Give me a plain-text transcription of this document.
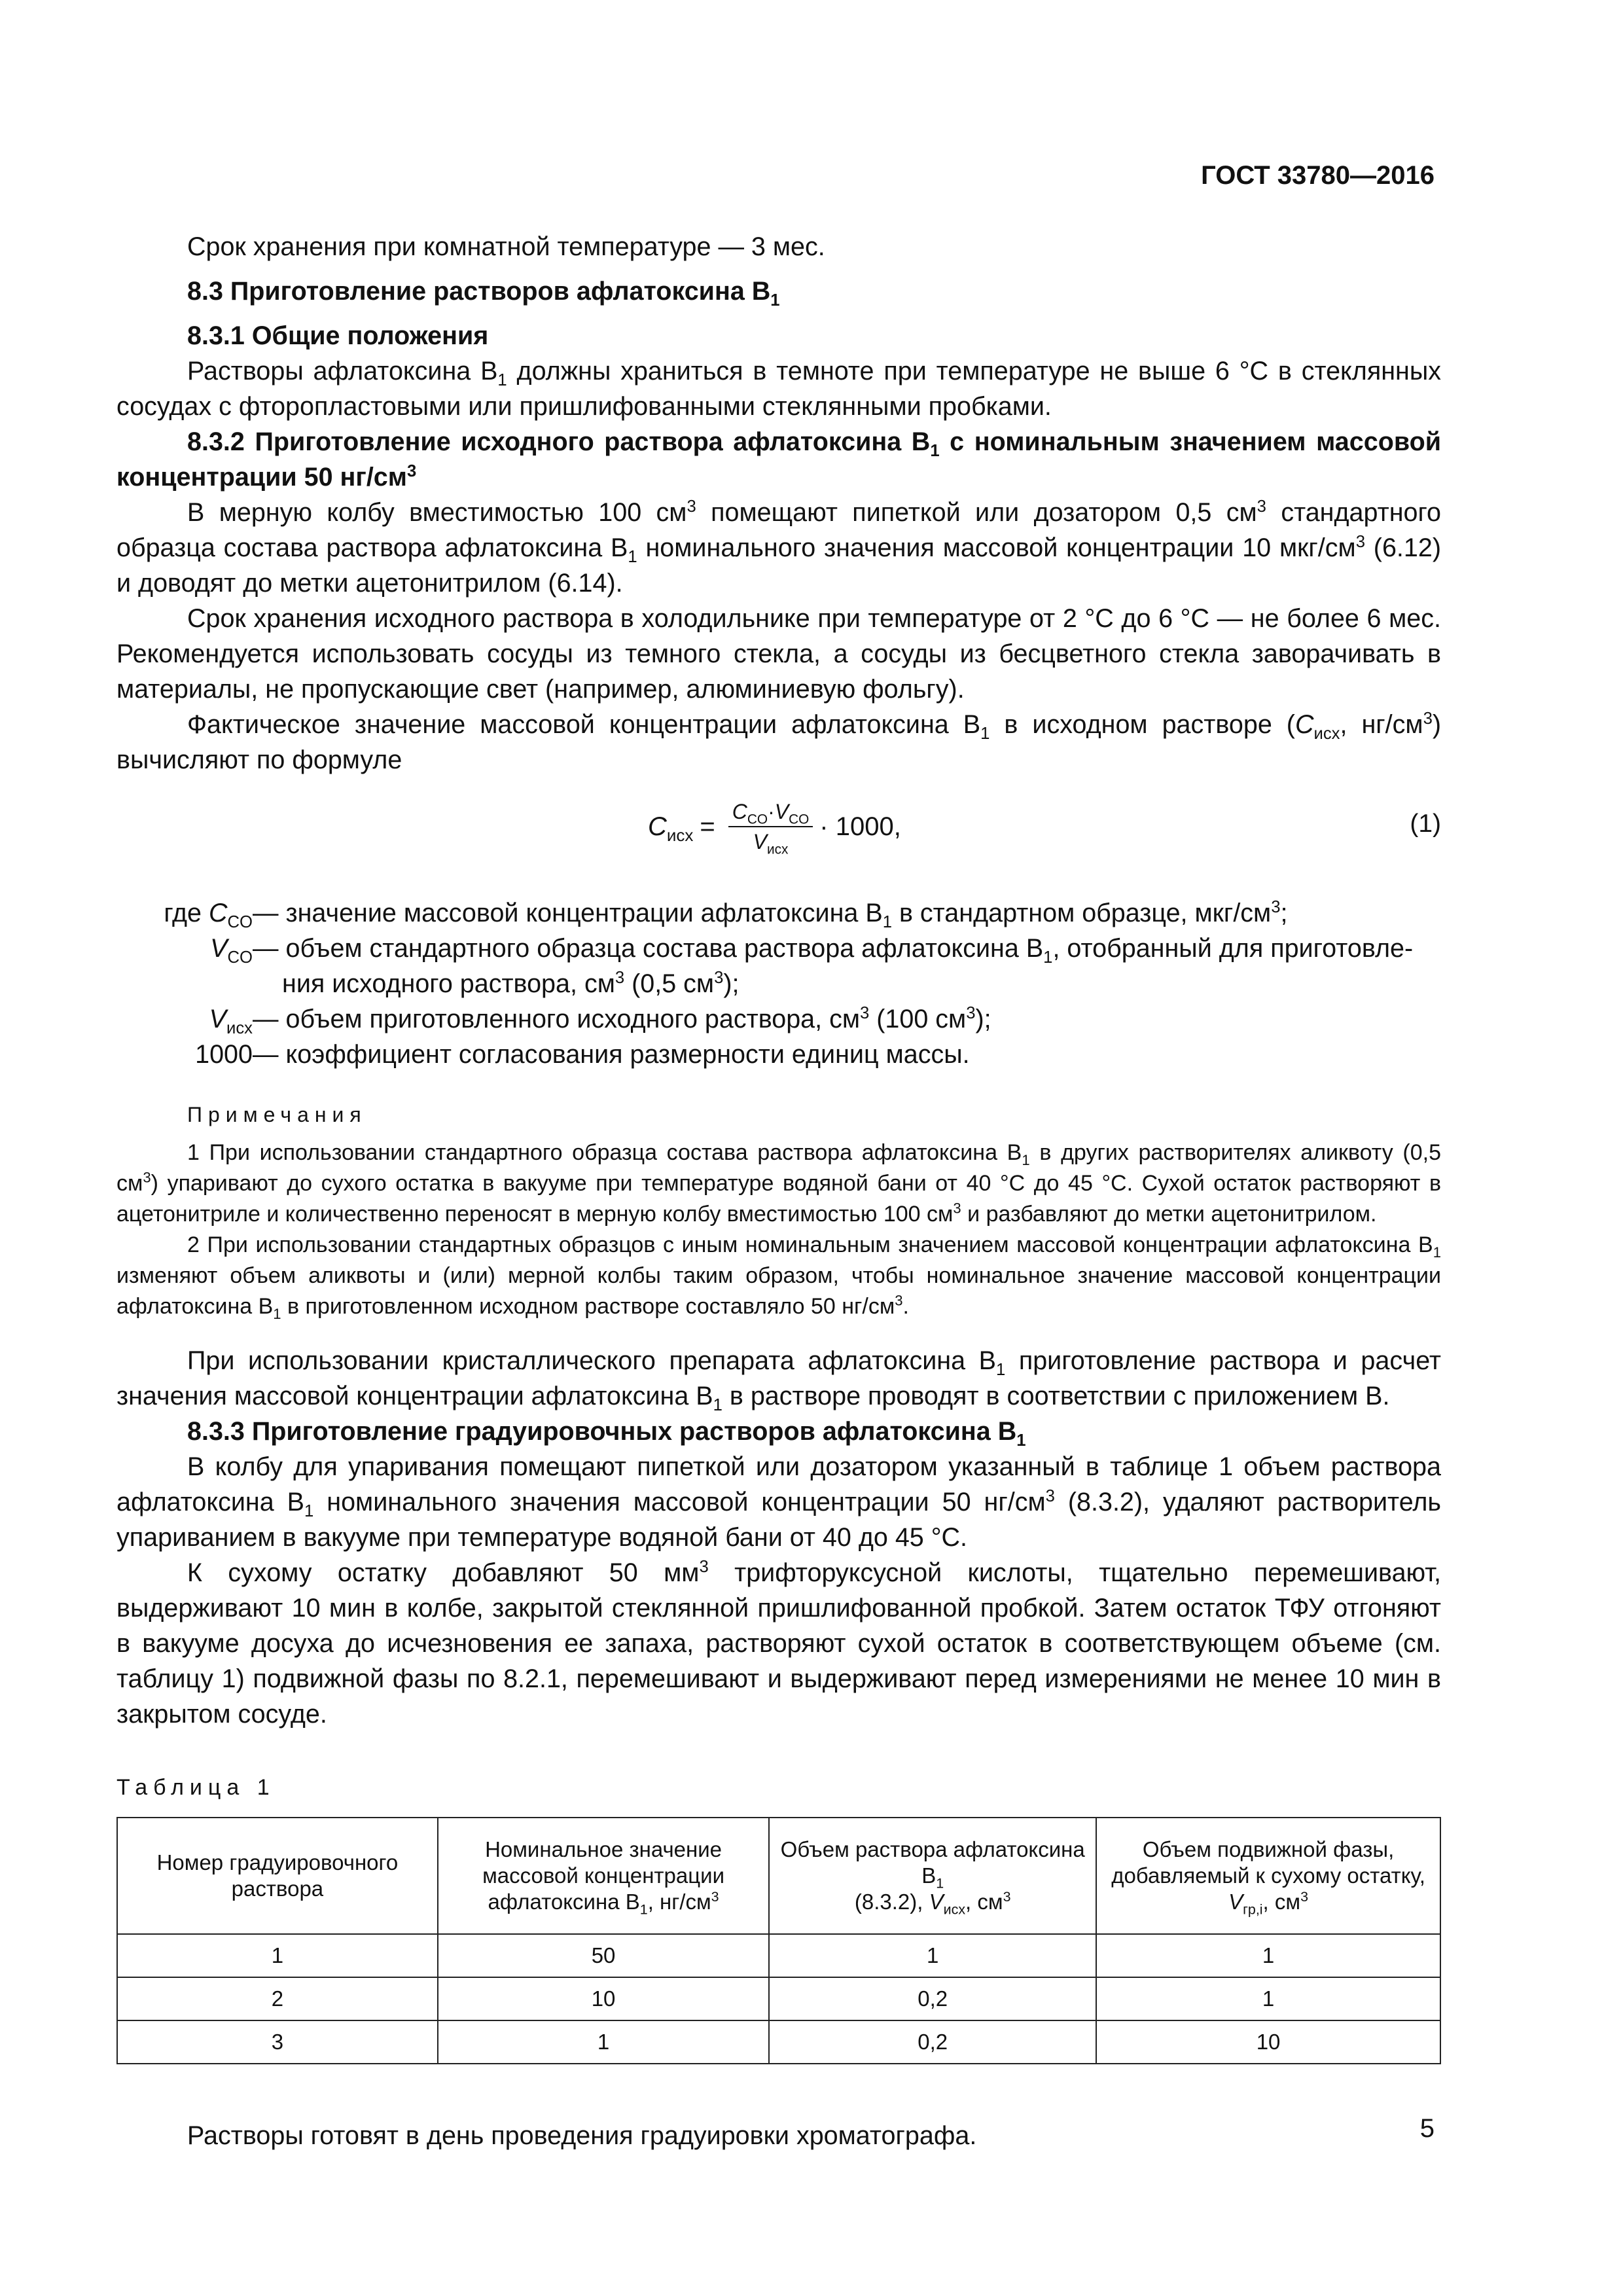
ГОСТ 33780—2016

Срок хранения при комнатной температуре — 3 мес.

8.3 Приготовление растворов афлатоксина $B_1$

8.3.1 Общие положения

Растворы афлатоксина $B_1$ должны храниться в темноте при температуре не выше 6 °C в стеклянных сосудах с фторопластовыми или пришлифованными стеклянными пробками.

8.3.2 Приготовление исходного раствора афлатоксина $B_1$ с номинальным значением массовой концентрации 50 $нг/см^3$

В мерную колбу вместимостью 100 $см^3$ помещают пипеткой или дозатором 0,5 $см^3$ стандартного образца состава раствора афлатоксина $B_1$ номинального значения массовой концентрации 10 мкг/$см^3$ (6.12) и доводят до метки ацетонитрилом (6.14).

Срок хранения исходного раствора в холодильнике при температуре от 2 °C до 6 °C — не более 6 мес. Рекомендуется использовать сосуды из темного стекла, а сосуды из бесцветного стекла заворачивать в материалы, не пропускающие свет (например, алюминиевую фольгу).

Фактическое значение массовой концентрации афлатоксина $B_1$ в исходном растворе ($C_{исх}$, $нг/см^3$) вычисляют по формуле

$C_{исх} = \frac{C_{CO}\cdot V_{CO}}{V_{исх}} \cdot 1000$,	(1)
где $C_{CO}$ — значение массовой концентрации афлатоксина $B_1$ в стандартном образце, мкг/$см^3$;
$V_{CO}$ — объем стандартного образца состава раствора афлатоксина $B_1$, отобранный для приготовле-
ния исходного раствора, $см^3$ (0,5 $см^3$);
$V_{исх}$ — объем приготовленного исходного раствора, $см^3$ (100 $см^3$);
1000 — коэффициент согласования размерности единиц массы.
Примечания

1 При использовании стандартного образца состава раствора афлатоксина $B_1$ в других растворителях аликвоту (0,5 $см^3$) упаривают до сухого остатка в вакууме при температуре водяной бани от 40 °C до 45 °C. Сухой остаток растворяют в ацетонитриле и количественно переносят в мерную колбу вместимостью 100 $см^3$ и разбавляют до метки ацетонитрилом.

2 При использовании стандартных образцов с иным номинальным значением массовой концентрации афлатоксина $B_1$ изменяют объем аликвоты и (или) мерной колбы таким образом, чтобы номинальное значение массовой концентрации афлатоксина $B_1$ в приготовленном исходном растворе составляло 50 $нг/см^3$.

При использовании кристаллического препарата афлатоксина $B_1$ приготовление раствора и расчет значения массовой концентрации афлатоксина $B_1$ в растворе проводят в соответствии с приложением В.

8.3.3 Приготовление градуировочных растворов афлатоксина $B_1$

В колбу для упаривания помещают пипеткой или дозатором указанный в таблице 1 объем раствора афлатоксина $B_1$ номинального значения массовой концентрации 50 $нг/см^3$ (8.3.2), удаляют растворитель упариванием в вакууме при температуре водяной бани от 40 до 45 °C.

К сухому остатку добавляют 50 $мм^3$ трифторуксусной кислоты, тщательно перемешивают, выдерживают 10 мин в колбе, закрытой стеклянной пришлифованной пробкой. Затем остаток ТФУ отгоняют в вакууме досуха до исчезновения ее запаха, растворяют сухой остаток в соответствующем объеме (см. таблицу 1) подвижной фазы по 8.2.1, перемешивают и выдерживают перед измерениями не менее 10 мин в закрытом сосуде.

Таблица 1
Номер градуировочного раствора	Номинальное значение массовой концентрации афлатоксина $B_1$, $нг/см^3$	Объем раствора афлатоксина $B_1$
(8.3.2), $V_{исх}$, $см^3$	Объем подвижной фазы, добавляемый к сухому остатку, $V_{гр,i}$, $см^3$
1	50	1	1
2	10	0,2	1
3	1	0,2	10

Растворы готовят в день проведения градуировки хроматографа.	5
